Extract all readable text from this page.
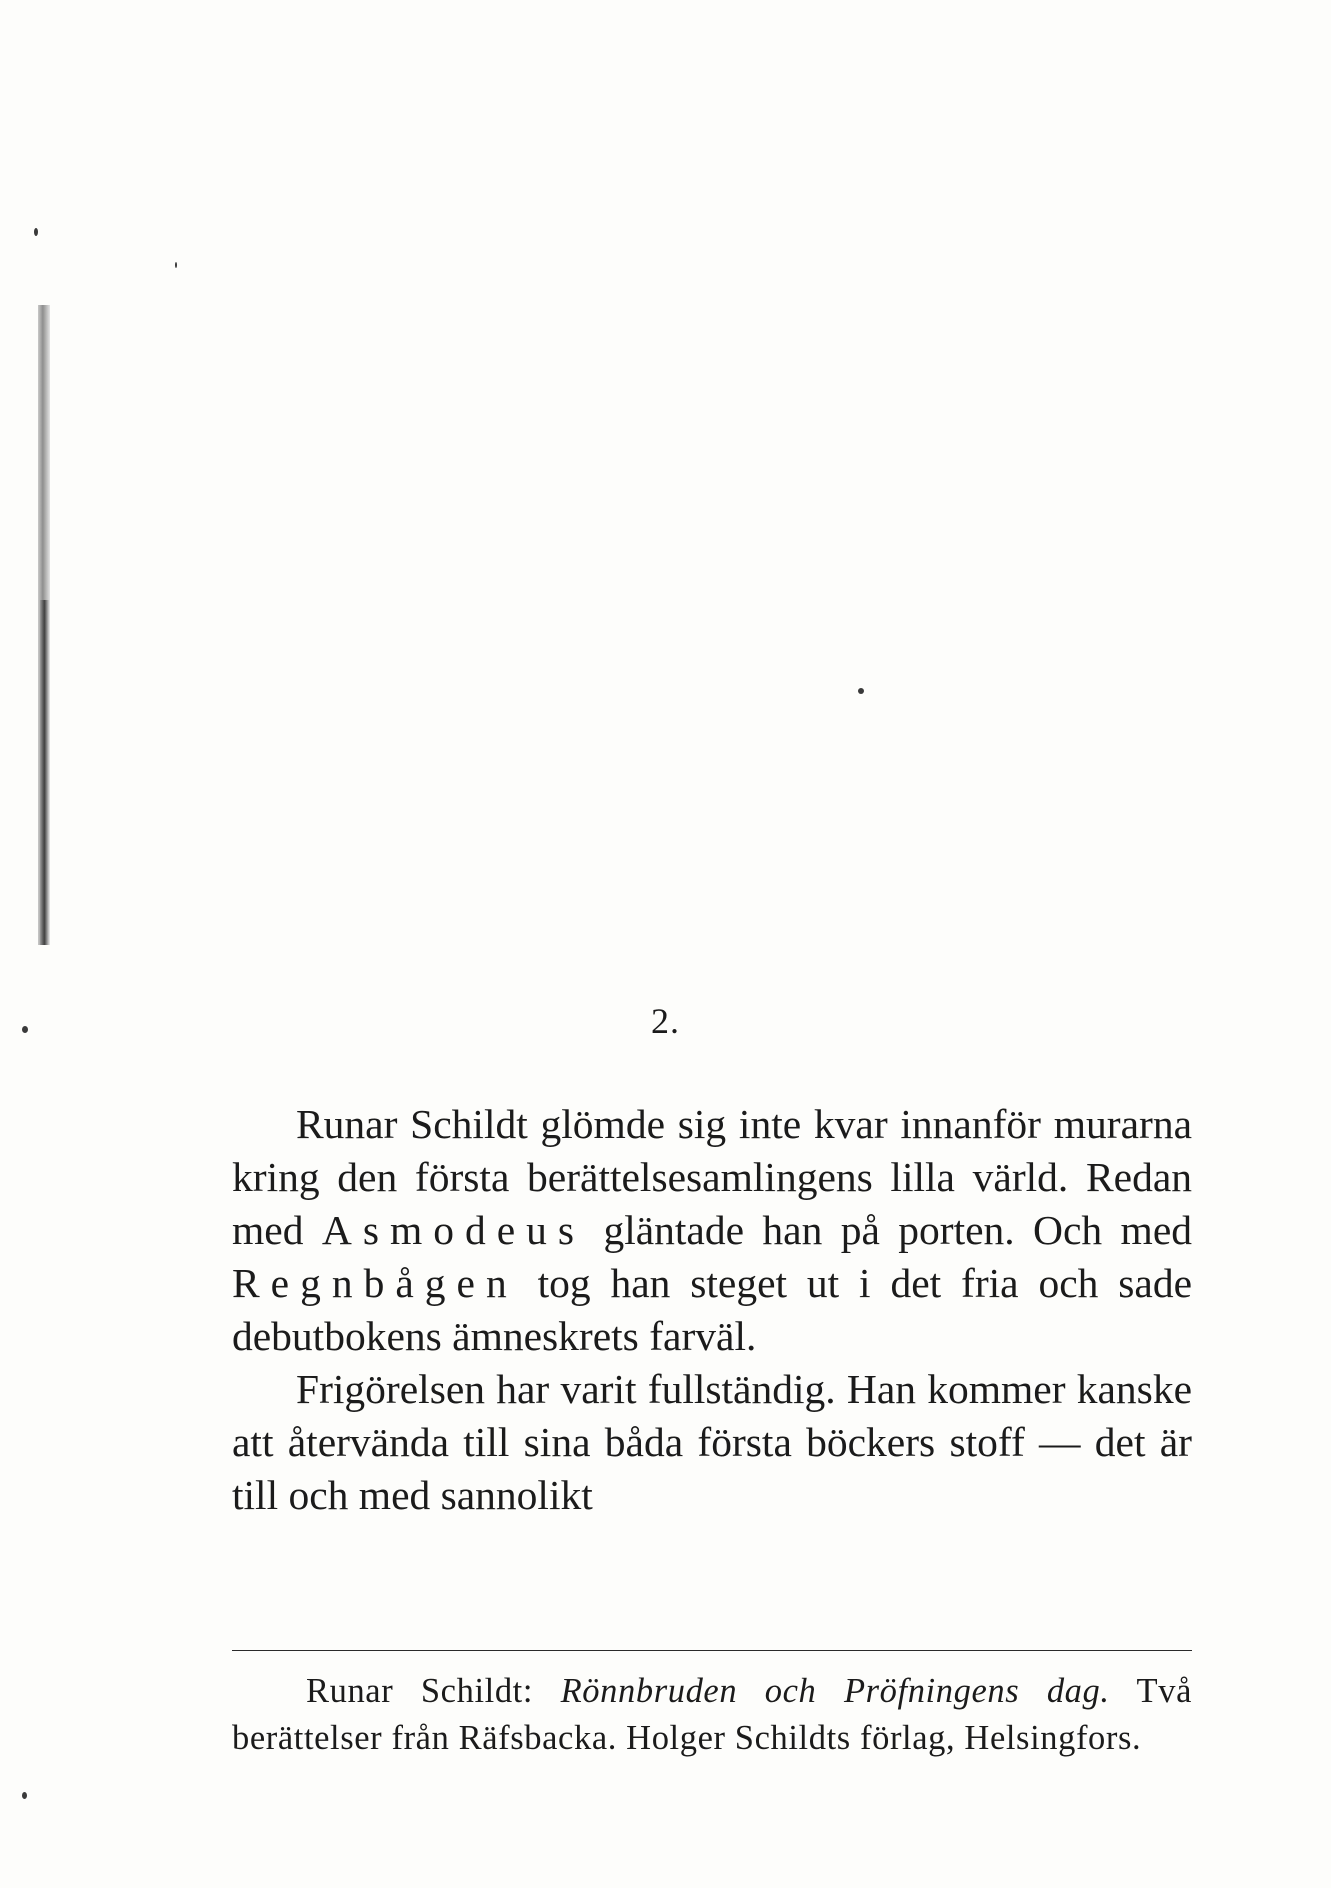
2.

Runar Schildt glömde sig inte kvar innanför murarna kring den första berättelsesamlingens lilla värld. Redan med Asmodeus gläntade han på porten. Och med Regnbågen tog han steget ut i det fria och sade debutbokens ämneskrets farväl.

Frigörelsen har varit fullständig. Han kommer kanske att återvända till sina båda första böckers stoff — det är till och med sannolikt

Runar Schildt: Rönnbruden och Pröfningens dag. Två berättelser från Räfsbacka. Holger Schildts förlag, Helsingfors.
